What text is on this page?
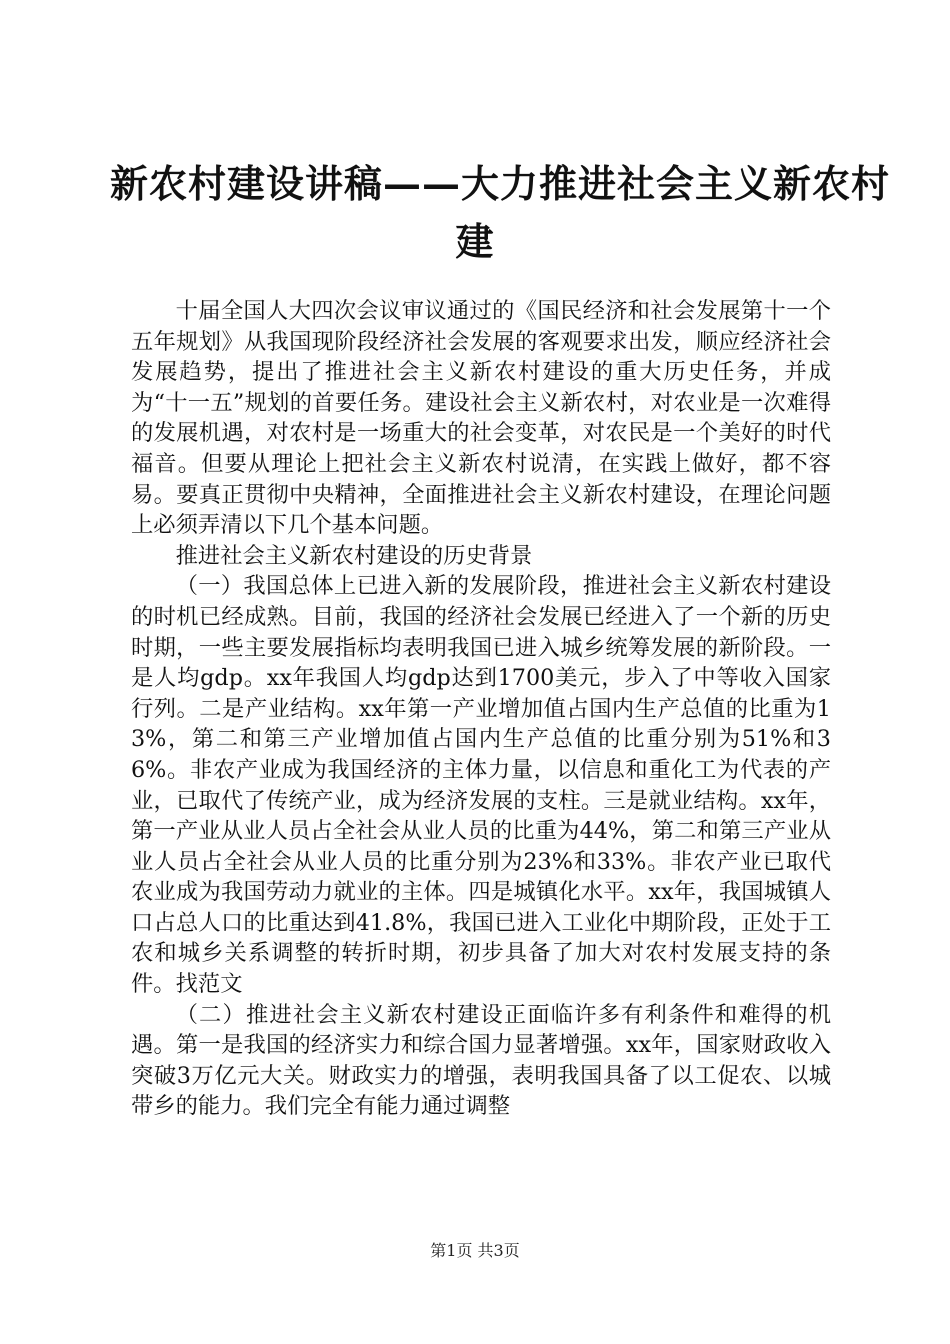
新农村建设讲稿——大力推进社会主义新农村
建

十届全国人大四次会议审议通过的《国民经济和社会发展第十一个五年规划》从我国现阶段经济社会发展的客观要求出发，顺应经济社会发展趋势，提出了推进社会主义新农村建设的重大历史任务，并成为“十一五”规划的首要任务。建设社会主义新农村，对农业是一次难得的发展机遇，对农村是一场重大的社会变革，对农民是一个美好的时代福音。但要从理论上把社会主义新农村说清，在实践上做好，都不容易。要真正贯彻中央精神，全面推进社会主义新农村建设，在理论问题上必须弄清以下几个基本问题。

推进社会主义新农村建设的历史背景

（一）我国总体上已进入新的发展阶段，推进社会主义新农村建设的时机已经成熟。目前，我国的经济社会发展已经进入了一个新的历史时期，一些主要发展指标均表明我国已进入城乡统筹发展的新阶段。一是人均gdp。xx年我国人均gdp达到1700美元，步入了中等收入国家行列。二是产业结构。xx年第一产业增加值占国内生产总值的比重为13%，第二和第三产业增加值占国内生产总值的比重分别为51%和36%。非农产业成为我国经济的主体力量，以信息和重化工为代表的产业，已取代了传统产业，成为经济发展的支柱。三是就业结构。xx年，第一产业从业人员占全社会从业人员的比重为44%，第二和第三产业从业人员占全社会从业人员的比重分别为23%和33%。非农产业已取代农业成为我国劳动力就业的主体。四是城镇化水平。xx年，我国城镇人口占总人口的比重达到41.8%，我国已进入工业化中期阶段，正处于工农和城乡关系调整的转折时期，初步具备了加大对农村发展支持的条件。找范文

（二）推进社会主义新农村建设正面临许多有利条件和难得的机遇。第一是我国的经济实力和综合国力显著增强。xx年，国家财政收入突破3万亿元大关。财政实力的增强，表明我国具备了以工促农、以城带乡的能力。我们完全有能力通过调整

第1页 共3页
